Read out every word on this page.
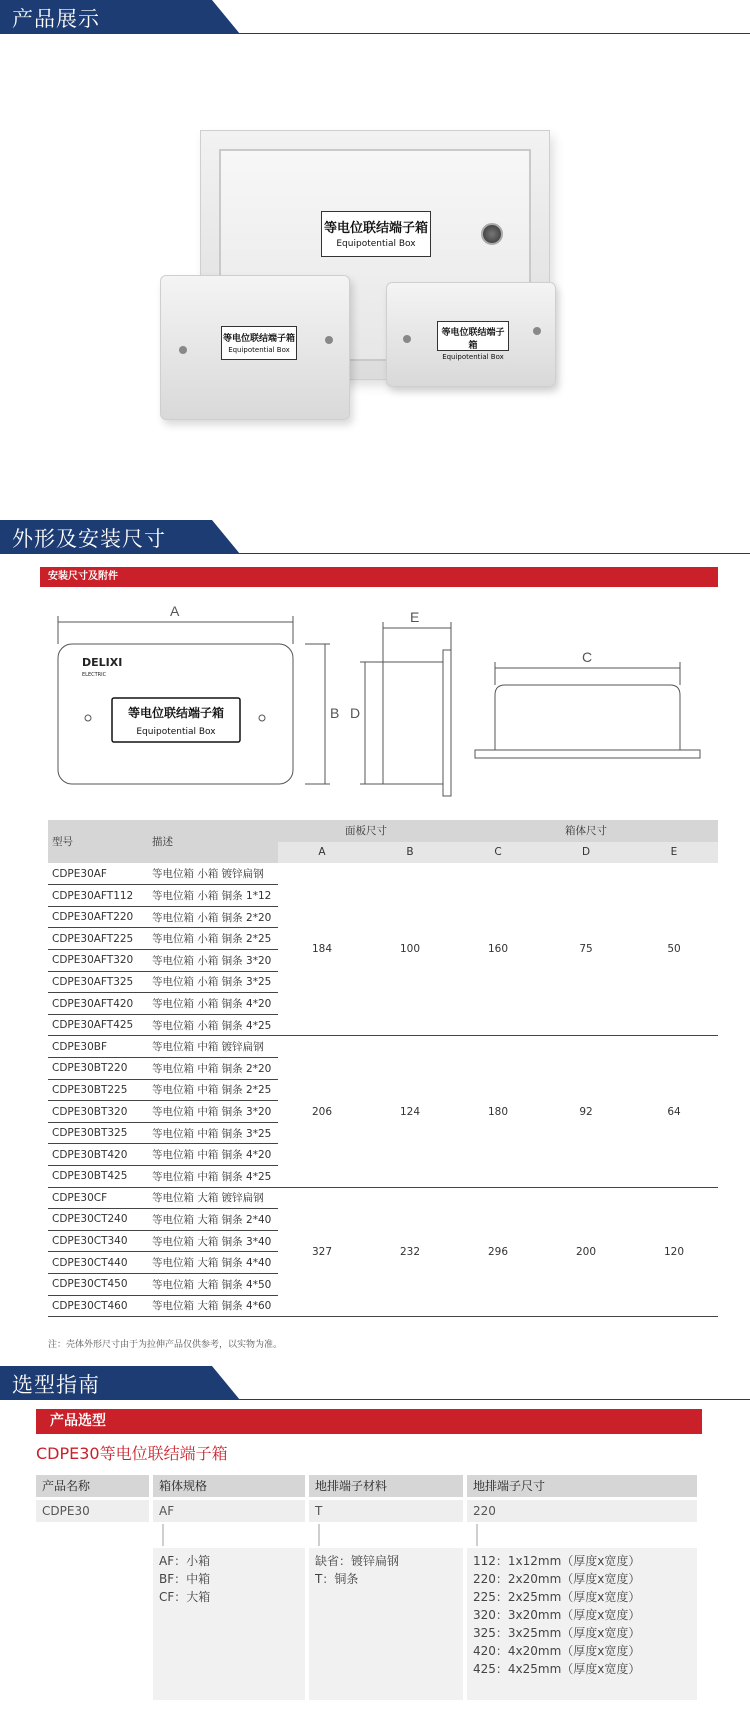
产品展示
等电位联结端子箱
Equipotential Box
等电位联结端子箱
Equipotential Box
等电位联结端子箱
Equipotential Box
外形及安装尺寸
安装尺寸及附件
A
B D
E
C
DELIXI
ELECTRIC
等电位联结端子箱
Equipotential Box
型号	描述	面板尺寸		箱体尺寸		
		A	B	C	D	E
CDPE30AF	等电位箱 小箱 镀锌扁钢	184	100	160	75	50
CDPE30AFT112	等电位箱 小箱 铜条 1*12					
CDPE30AFT220	等电位箱 小箱 铜条 2*20					
CDPE30AFT225	等电位箱 小箱 铜条 2*25					
CDPE30AFT320	等电位箱 小箱 铜条 3*20					
CDPE30AFT325	等电位箱 小箱 铜条 3*25					
CDPE30AFT420	等电位箱 小箱 铜条 4*20					
CDPE30AFT425	等电位箱 小箱 铜条 4*25					
CDPE30BF	等电位箱 中箱 镀锌扁钢	206	124	180	92	64
CDPE30BT220	等电位箱 中箱 铜条 2*20					
CDPE30BT225	等电位箱 中箱 铜条 2*25					
CDPE30BT320	等电位箱 中箱 铜条 3*20					
CDPE30BT325	等电位箱 中箱 铜条 3*25					
CDPE30BT420	等电位箱 中箱 铜条 4*20					
CDPE30BT425	等电位箱 中箱 铜条 4*25					
CDPE30CF	等电位箱 大箱 镀锌扁钢	327	232	296	200	120
CDPE30CT240	等电位箱 大箱 铜条 2*40					
CDPE30CT340	等电位箱 大箱 铜条 3*40					
CDPE30CT440	等电位箱 大箱 铜条 4*40					
CDPE30CT450	等电位箱 大箱 铜条 4*50					
CDPE30CT460	等电位箱 大箱 铜条 4*60					
注：壳体外形尺寸由于为拉伸产品仅供参考，以实物为准。
选型指南
产品选型
CDPE30等电位联结端子箱
产品名称	箱体规格	地排端子材料	地排端子尺寸
CDPE30	AF	T	220
AF：小箱
BF：中箱
CF：大箱
缺省：镀锌扁钢
T：铜条
112：1x12mm（厚度x宽度）
220：2x20mm（厚度x宽度）
225：2x25mm（厚度x宽度）
320：3x20mm（厚度x宽度）
325：3x25mm（厚度x宽度）
420：4x20mm（厚度x宽度）
425：4x25mm（厚度x宽度）
